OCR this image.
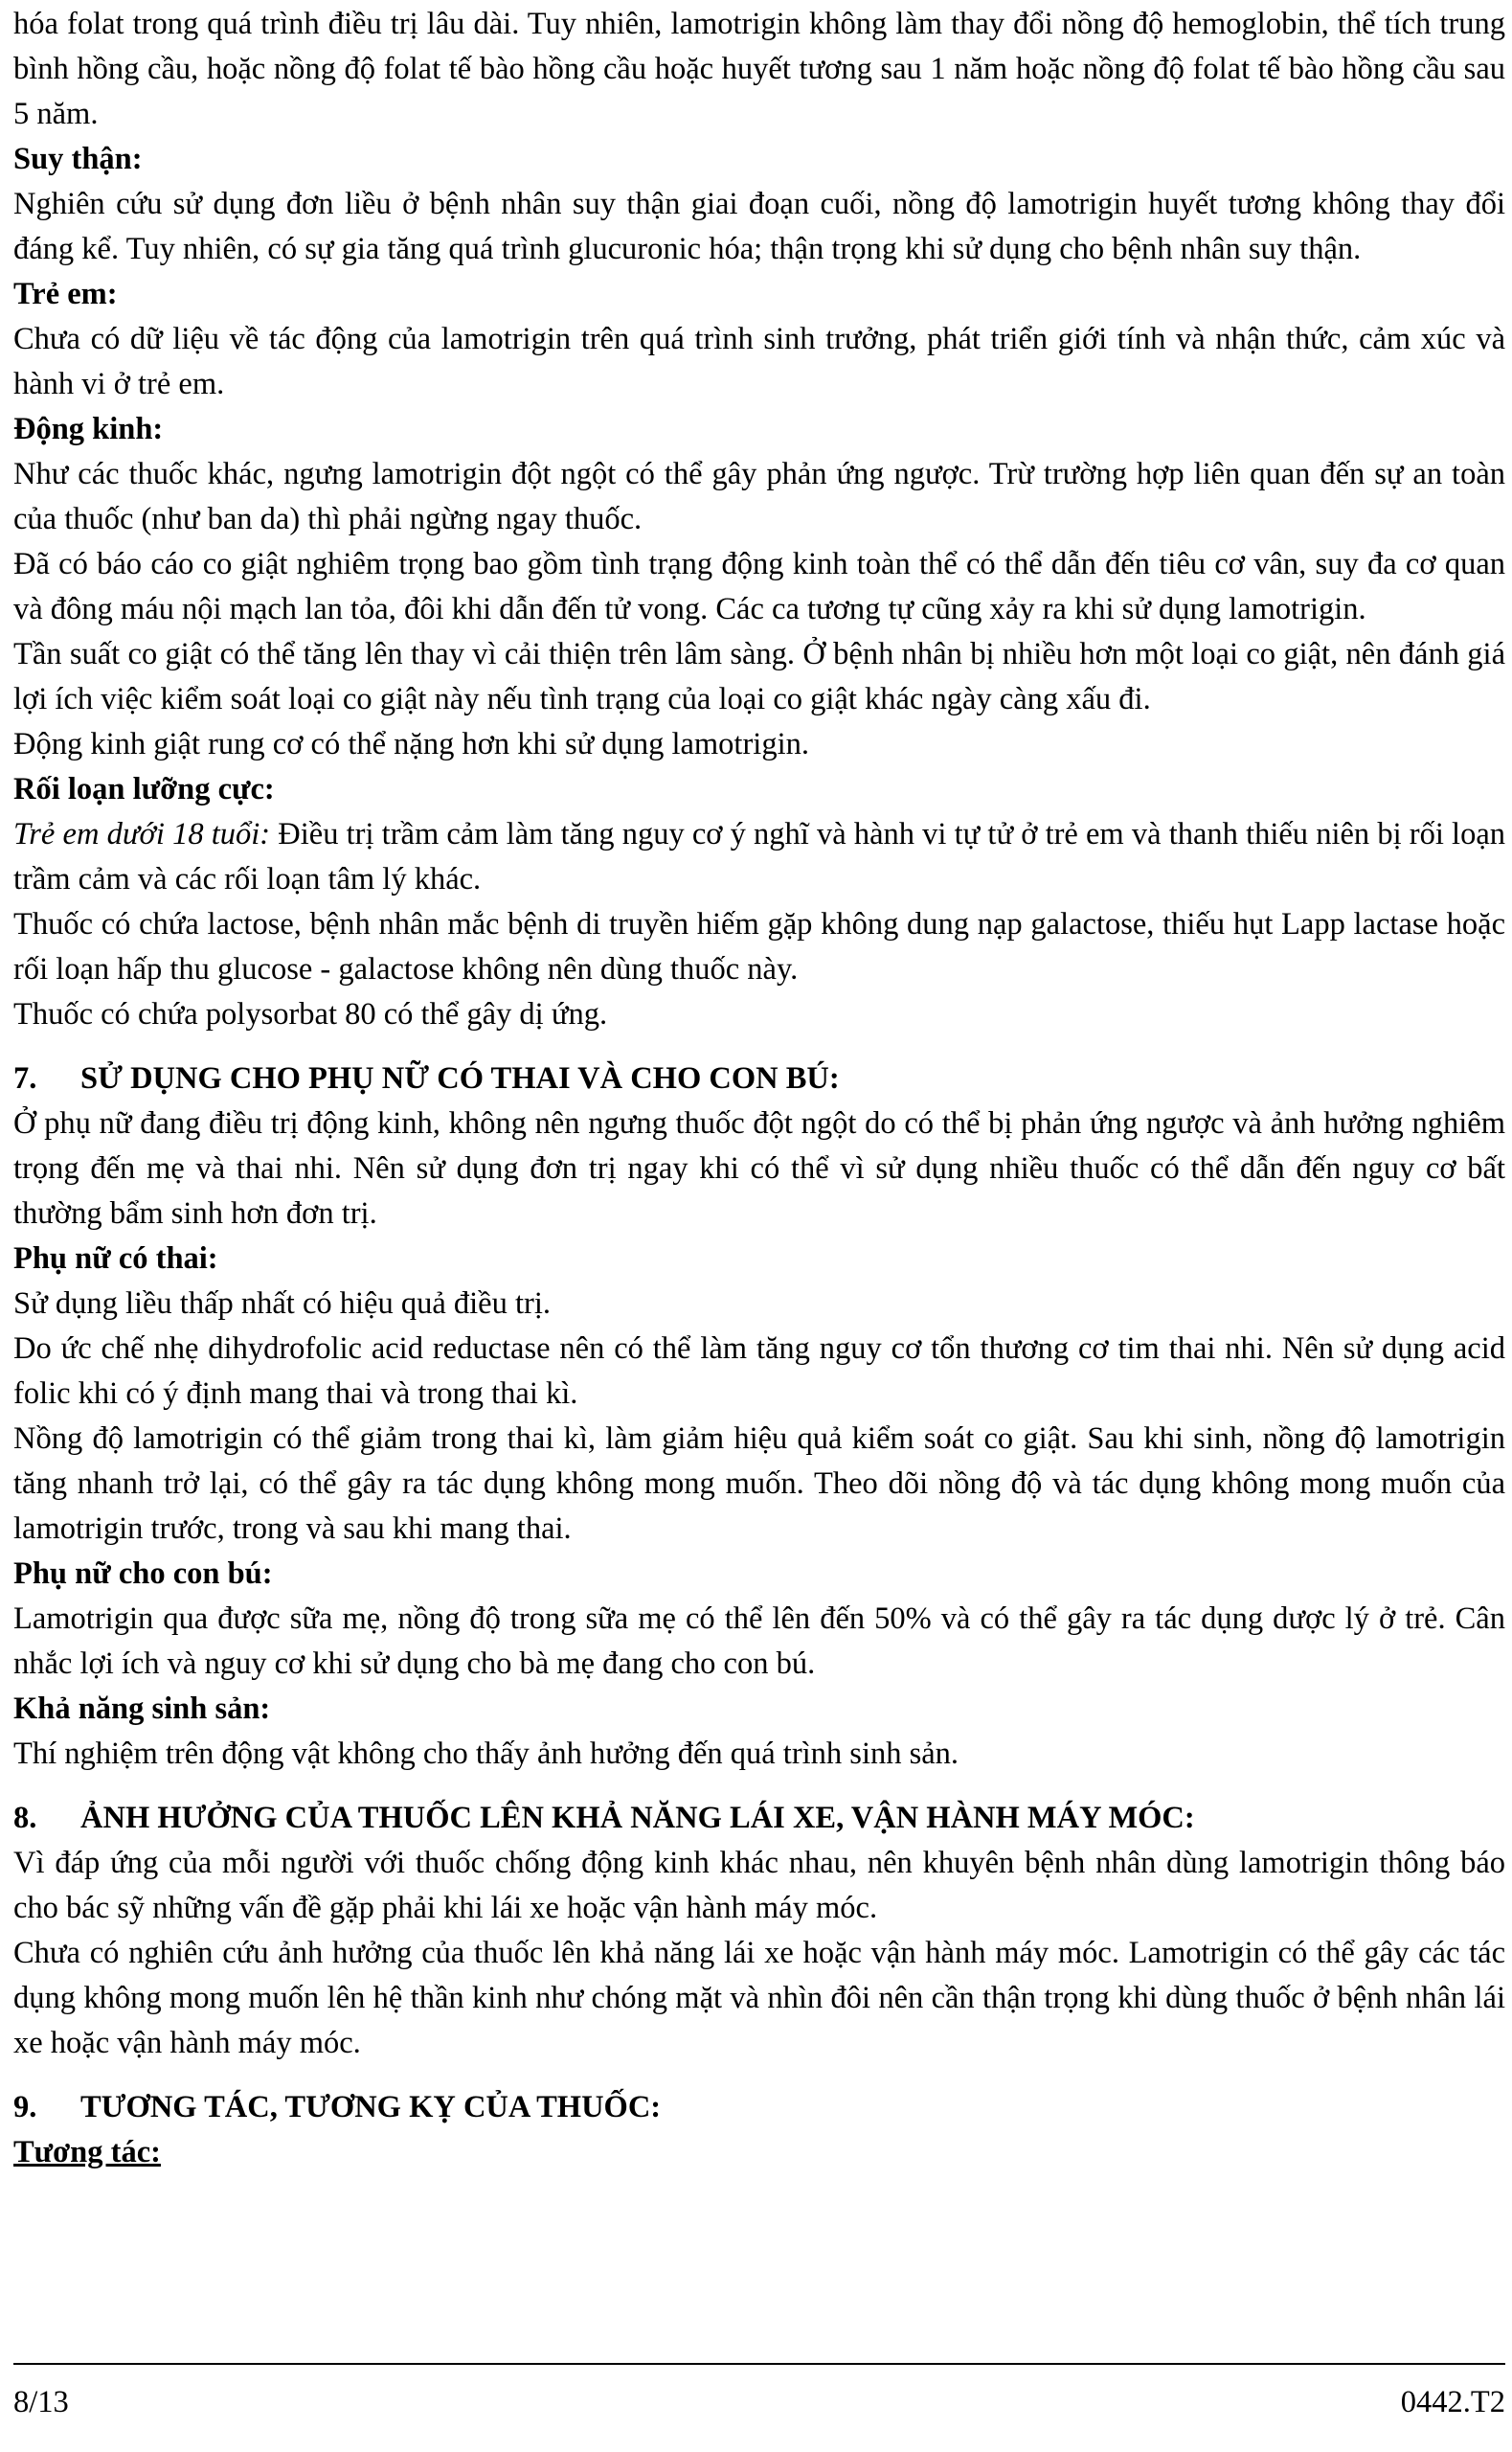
hóa folat trong quá trình điều trị lâu dài. Tuy nhiên, lamotrigin không làm thay đổi nồng độ hemoglobin, thể tích trung bình hồng cầu, hoặc nồng độ folat tế bào hồng cầu hoặc huyết tương sau 1 năm hoặc nồng độ folat tế bào hồng cầu sau 5 năm.

Suy thận:

Nghiên cứu sử dụng đơn liều ở bệnh nhân suy thận giai đoạn cuối, nồng độ lamotrigin huyết tương không thay đổi đáng kể. Tuy nhiên, có sự gia tăng quá trình glucuronic hóa; thận trọng khi sử dụng cho bệnh nhân suy thận.

Trẻ em:

Chưa có dữ liệu về tác động của lamotrigin trên quá trình sinh trưởng, phát triển giới tính và nhận thức, cảm xúc và hành vi ở trẻ em.

Động kinh:

Như các thuốc khác, ngưng lamotrigin đột ngột có thể gây phản ứng ngược. Trừ trường hợp liên quan đến sự an toàn của thuốc (như ban da) thì phải ngừng ngay thuốc.

Đã có báo cáo co giật nghiêm trọng bao gồm tình trạng động kinh toàn thể có thể dẫn đến tiêu cơ vân, suy đa cơ quan và đông máu nội mạch lan tỏa, đôi khi dẫn đến tử vong. Các ca tương tự cũng xảy ra khi sử dụng lamotrigin.

Tần suất co giật có thể tăng lên thay vì cải thiện trên lâm sàng. Ở bệnh nhân bị nhiều hơn một loại co giật, nên đánh giá lợi ích việc kiểm soát loại co giật này nếu tình trạng của loại co giật khác ngày càng xấu đi.

Động kinh giật rung cơ có thể nặng hơn khi sử dụng lamotrigin.

Rối loạn lưỡng cực:

Trẻ em dưới 18 tuổi: Điều trị trầm cảm làm tăng nguy cơ ý nghĩ và hành vi tự tử ở trẻ em và thanh thiếu niên bị rối loạn trầm cảm và các rối loạn tâm lý khác.

Thuốc có chứa lactose, bệnh nhân mắc bệnh di truyền hiếm gặp không dung nạp galactose, thiếu hụt Lapp lactase hoặc rối loạn hấp thu glucose - galactose không nên dùng thuốc này.

Thuốc có chứa polysorbat 80 có thể gây dị ứng.

7.	SỬ DỤNG CHO PHỤ NỮ CÓ THAI VÀ CHO CON BÚ:

Ở phụ nữ đang điều trị động kinh, không nên ngưng thuốc đột ngột do có thể bị phản ứng ngược và ảnh hưởng nghiêm trọng đến mẹ và thai nhi. Nên sử dụng đơn trị ngay khi có thể vì sử dụng nhiều thuốc có thể dẫn đến nguy cơ bất thường bẩm sinh hơn đơn trị.

Phụ nữ có thai:

Sử dụng liều thấp nhất có hiệu quả điều trị.

Do ức chế nhẹ dihydrofolic acid reductase nên có thể làm tăng nguy cơ tổn thương cơ tim thai nhi. Nên sử dụng acid folic khi có ý định mang thai và trong thai kì.

Nồng độ lamotrigin có thể giảm trong thai kì, làm giảm hiệu quả kiểm soát co giật. Sau khi sinh, nồng độ lamotrigin tăng nhanh trở lại, có thể gây ra tác dụng không mong muốn. Theo dõi nồng độ và tác dụng không mong muốn của lamotrigin trước, trong và sau khi mang thai.

Phụ nữ cho con bú:

Lamotrigin qua được sữa mẹ, nồng độ trong sữa mẹ có thể lên đến 50% và có thể gây ra tác dụng dược lý ở trẻ. Cân nhắc lợi ích và nguy cơ khi sử dụng cho bà mẹ đang cho con bú.

Khả năng sinh sản:

Thí nghiệm trên động vật không cho thấy ảnh hưởng đến quá trình sinh sản.

8.	ẢNH HƯỞNG CỦA THUỐC LÊN KHẢ NĂNG LÁI XE, VẬN HÀNH MÁY MÓC:

Vì đáp ứng của mỗi người với thuốc chống động kinh khác nhau, nên khuyên bệnh nhân dùng lamotrigin thông báo cho bác sỹ những vấn đề gặp phải khi lái xe hoặc vận hành máy móc.

Chưa có nghiên cứu ảnh hưởng của thuốc lên khả năng lái xe hoặc vận hành máy móc. Lamotrigin có thể gây các tác dụng không mong muốn lên hệ thần kinh như chóng mặt và nhìn đôi nên cần thận trọng khi dùng thuốc ở bệnh nhân lái xe hoặc vận hành máy móc.

9.	TƯƠNG TÁC, TƯƠNG KỴ CỦA THUỐC:
Tương tác:
8/13	0442.T2
